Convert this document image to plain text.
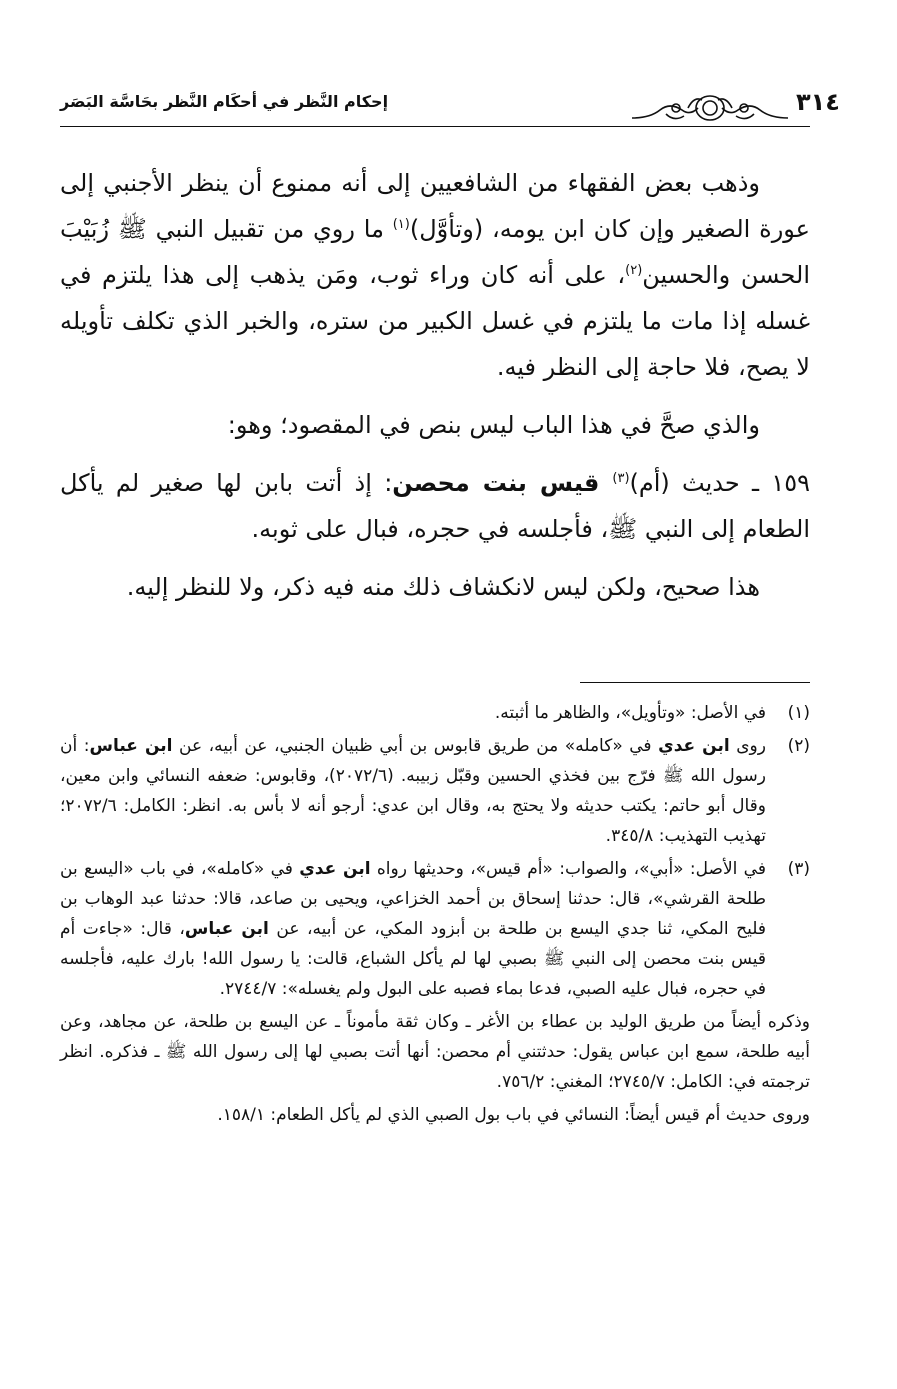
إحكام النَّظر في أحكَام النَّظر بحَاسَّة البَصَر	٣١٤

وذهب بعض الفقهاء من الشافعيين إلى أنه ممنوع أن ينظر الأجنبي إلى عورة الصغير وإن كان ابن يومه، (وتأوَّل)$^{(١)}$ ما روي من تقبيل النبي ﷺ زُبَيْبَ الحسن والحسين$^{(٢)}$، على أنه كان وراء ثوب، ومَن يذهب إلى هذا يلتزم في غسله إذا مات ما يلتزم في غسل الكبير من ستره، والخبر الذي تكلف تأويله لا يصح، فلا حاجة إلى النظر فيه.

والذي صحَّ في هذا الباب ليس بنص في المقصود؛ وهو:

١٥٩ ـ حديث (أم)$^{(٣)}$ قيس بنت محصن: إذ أتت بابن لها صغير لم يأكل الطعام إلى النبي ﷺ، فأجلسه في حجره، فبال على ثوبه.

هذا صحيح، ولكن ليس لانكشاف ذلك منه فيه ذكر، ولا للنظر إليه.

(١)
في الأصل: «وتأويل»، والظاهر ما أثبته.
(٢)
روى ابن عدي في «كامله» من طريق قابوس بن أبي ظبيان الجنبي، عن أبيه، عن ابن عباس: أن رسول الله ﷺ فرّج بين فخذي الحسين وقبّل زبيبه. (٢٠٧٢/٦)، وقابوس: ضعفه النسائي وابن معين، وقال أبو حاتم: يكتب حديثه ولا يحتج به، وقال ابن عدي: أرجو أنه لا بأس به. انظر: الكامل: ٢٠٧٢/٦؛ تهذيب التهذيب: ٣٤٥/٨.
(٣)
في الأصل: «أبي»، والصواب: «أم قيس»، وحديثها رواه ابن عدي في «كامله»، في باب «اليسع بن طلحة القرشي»، قال: حدثنا إسحاق بن أحمد الخزاعي، ويحيى بن صاعد، قالا: حدثنا عبد الوهاب بن فليح المكي، ثنا جدي اليسع بن طلحة بن أبزود المكي، عن أبيه، عن ابن عباس، قال: «جاءت أم قيس بنت محصن إلى النبي ﷺ بصبي لها لم يأكل الشباع، قالت: يا رسول الله! بارك عليه، فأجلسه في حجره، فبال عليه الصبي، فدعا بماء فصبه على البول ولم يغسله»: ٢٧٤٤/٧.

وذكره أيضاً من طريق الوليد بن عطاء بن الأغر ـ وكان ثقة مأموناً ـ عن اليسع بن طلحة، عن مجاهد، وعن أبيه طلحة، سمع ابن عباس يقول: حدثتني أم محصن: أنها أتت بصبي لها إلى رسول الله ﷺ ـ فذكره. انظر ترجمته في: الكامل: ٢٧٤٥/٧؛ المغني: ٧٥٦/٢.

وروى حديث أم قيس أيضاً: النسائي في باب بول الصبي الذي لم يأكل الطعام: ١٥٨/١.
